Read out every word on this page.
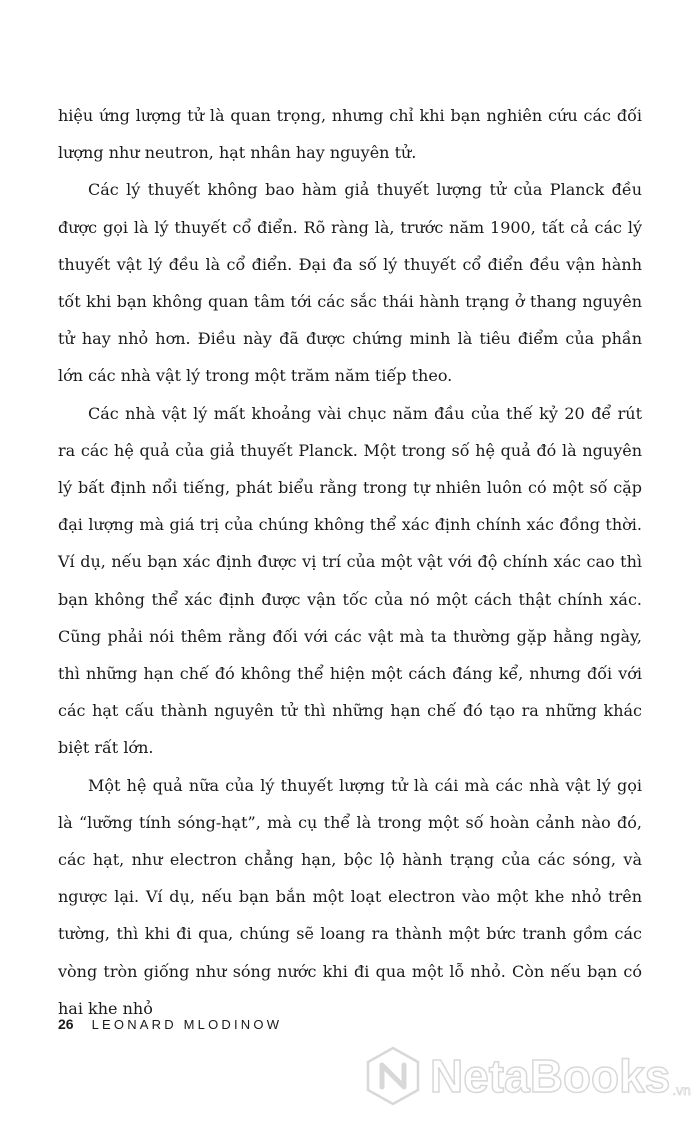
hiệu ứng lượng tử là quan trọng, nhưng chỉ khi bạn nghiên cứu các đối lượng như neutron, hạt nhân hay nguyên tử.

Các lý thuyết không bao hàm giả thuyết lượng tử của Planck đều được gọi là lý thuyết cổ điển. Rõ ràng là, trước năm 1900, tất cả các lý thuyết vật lý đều là cổ điển. Đại đa số lý thuyết cổ điển đều vận hành tốt khi bạn không quan tâm tới các sắc thái hành trạng ở thang nguyên tử hay nhỏ hơn. Điều này đã được chứng minh là tiêu điểm của phần lớn các nhà vật lý trong một trăm năm tiếp theo.

Các nhà vật lý mất khoảng vài chục năm đầu của thế kỷ 20 để rút ra các hệ quả của giả thuyết Planck. Một trong số hệ quả đó là nguyên lý bất định nổi tiếng, phát biểu rằng trong tự nhiên luôn có một số cặp đại lượng mà giá trị của chúng không thể xác định chính xác đồng thời. Ví dụ, nếu bạn xác định được vị trí của một vật với độ chính xác cao thì bạn không thể xác định được vận tốc của nó một cách thật chính xác. Cũng phải nói thêm rằng đối với các vật mà ta thường gặp hằng ngày, thì những hạn chế đó không thể hiện một cách đáng kể, nhưng đối với các hạt cấu thành nguyên tử thì những hạn chế đó tạo ra những khác biệt rất lớn.

Một hệ quả nữa của lý thuyết lượng tử là cái mà các nhà vật lý gọi là “lưỡng tính sóng-hạt”, mà cụ thể là trong một số hoàn cảnh nào đó, các hạt, như electron chẳng hạn, bộc lộ hành trạng của các sóng, và ngược lại. Ví dụ, nếu bạn bắn một loạt electron vào một khe nhỏ trên tường, thì khi đi qua, chúng sẽ loang ra thành một bức tranh gồm các vòng tròn giống như sóng nước khi đi qua một lỗ nhỏ. Còn nếu bạn có hai khe nhỏ

26 LEONARD MLODINOW
NetaBooks .vn
